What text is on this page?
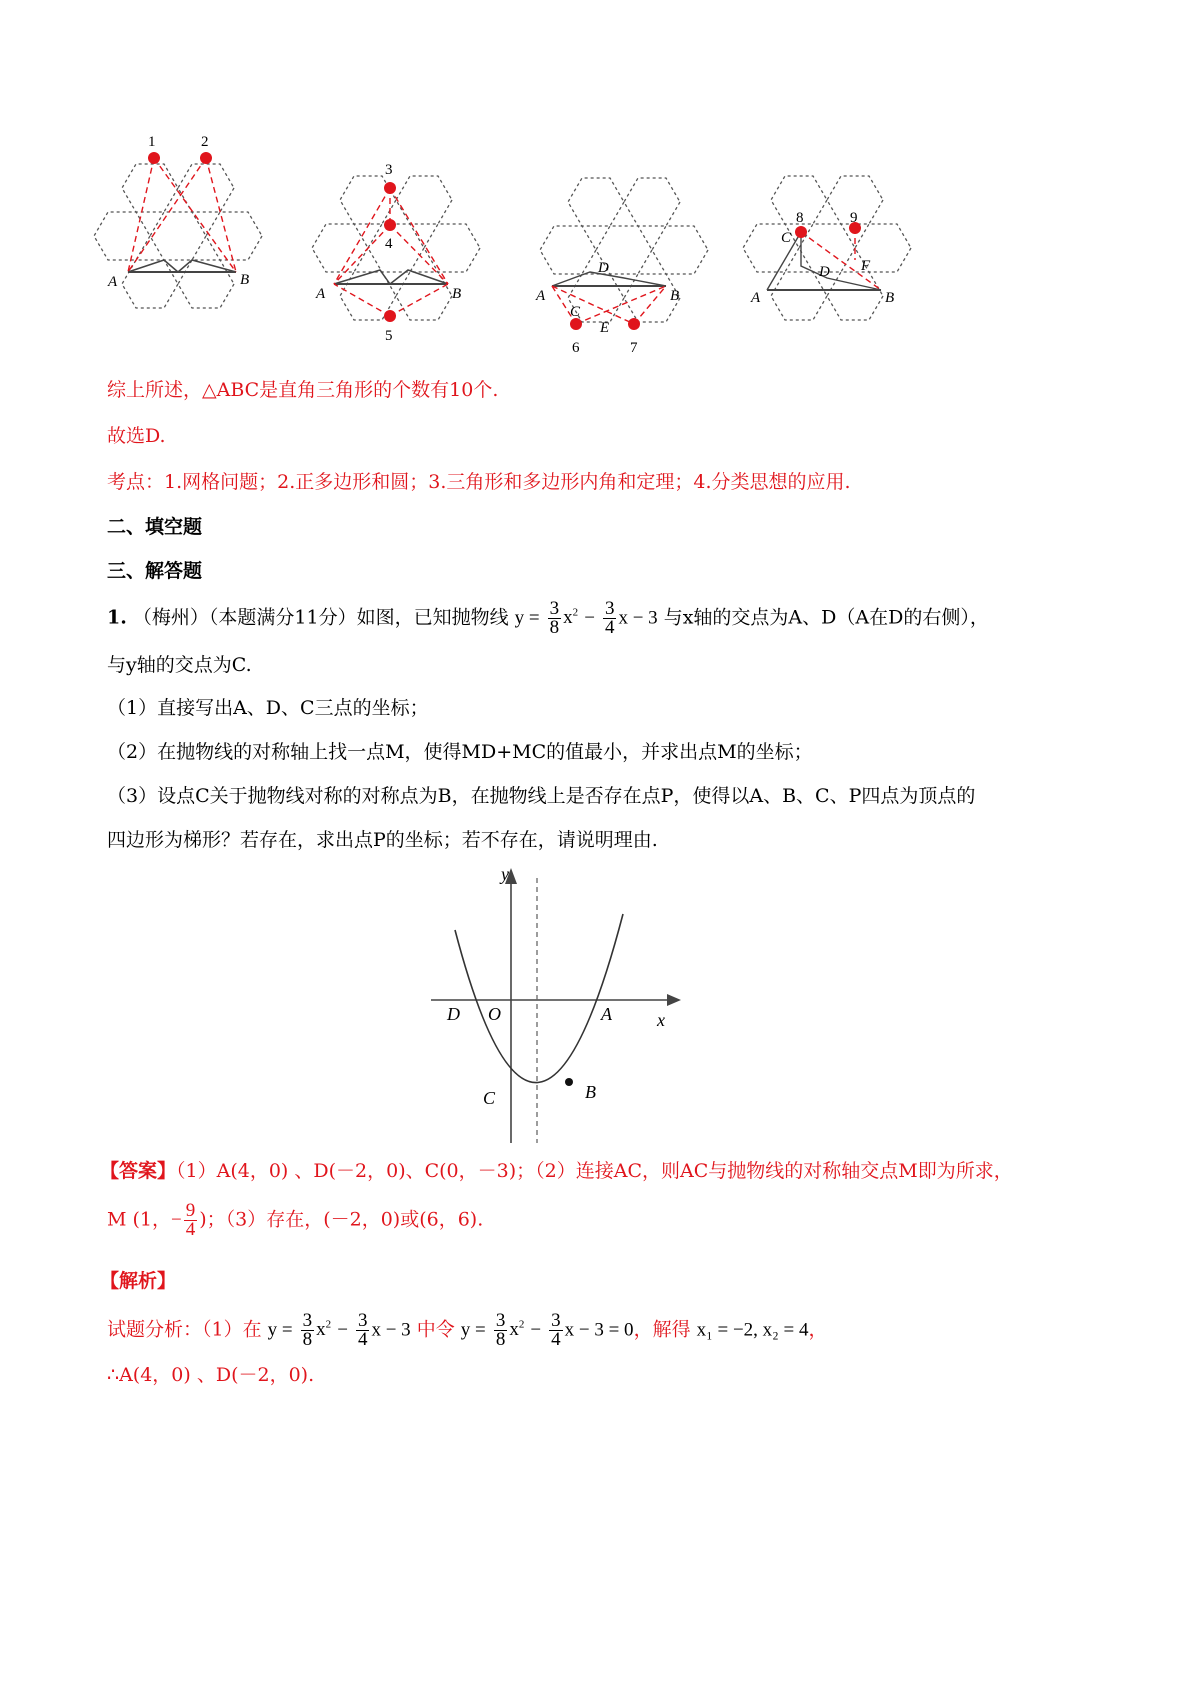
1	2
A	B
3
4
5
A	B	A	B
D
C
E
6	7
8	9
C
D F
A	B
综上所述，△ABC是直角三角形的个数有10个.
故选D.
考点：1.网格问题；2.正多边形和圆；3.三角形和多边形内角和定理；4.分类思想的应用.
二、填空题
三、解答题
1. （梅州）（本题满分11分）如图，已知抛物线 $y = \frac{3}{8} x^2 - \frac{3}{4}$ x − 3 与x轴的交点为A、D（A在D的右侧），
与y轴的交点为C.
（1）直接写出A、D、C三点的坐标；
（2）在抛物线的对称轴上找一点M，使得MD+MC的值最小，并求出点M的坐标；
（3）设点C关于抛物线对称的对称点为B，在抛物线上是否存在点P，使得以A、B、C、P四点为顶点的
四边形为梯形？若存在，求出点P的坐标；若不存在，请说明理由.
y
x
D O	A
B
C
【答案】（1）A(4，0) 、D(－2，0)、C(0，－3)；（2）连接AC，则AC与抛物线的对称轴交点M即为所求，
M (1，− $\frac{9}{4}$ )；（3）存在，(－2，0)或(6，6).
【解析】
试题分析：（1）在 $y = \frac{3}{8} x^2 - \frac{3}{4}$ x − 3 中令 $y = \frac{3}{8} x^2 - \frac{3}{4}$ x − 3 = 0，解得 x₁ = −2, x₂ = 4，
∴A(4，0) 、D(－2，0).
